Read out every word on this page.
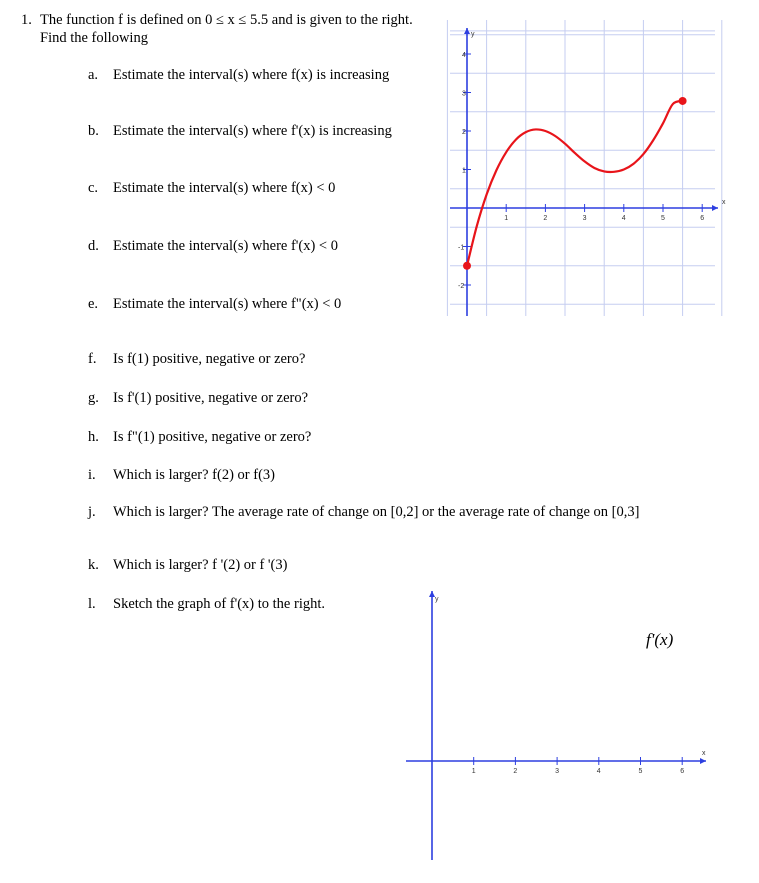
1. The function f is defined on 0 ≤ x ≤ 5.5 and is given to the right.
Find the following
a. Estimate the interval(s) where f(x) is increasing
b. Estimate the interval(s) where f'(x) is increasing
c. Estimate the interval(s) where f(x) < 0
d. Estimate the interval(s) where f'(x) < 0
e. Estimate the interval(s) where f"(x) < 0
f. Is f(1) positive, negative or zero?
g. Is f'(1) positive, negative or zero?
h. Is f"(1) positive, negative or zero?
i. Which is larger? f(2) or f(3)
j. Which is larger? The average rate of change on [0,2] or the average rate of change on [0,3]
k. Which is larger? f '(2) or f '(3)
l. Sketch the graph of f'(x) to the right.
x
y
1	2	3	4	5	6
-2
-1
1
2
3
4
x
y
1	2	3	4	5	6
f'(x)
